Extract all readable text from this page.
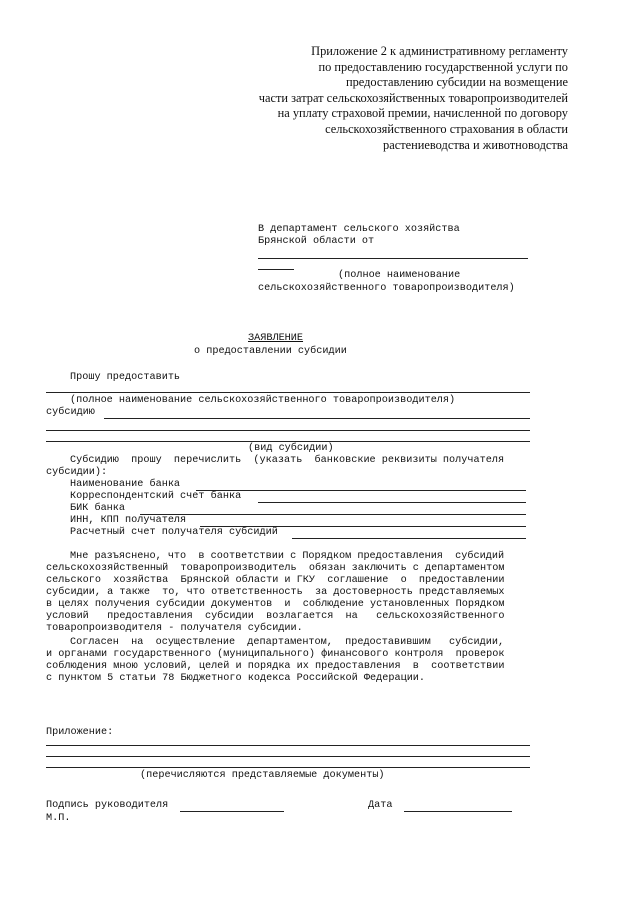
Приложение 2 к административному регламенту
по предоставлению государственной услуги по
предоставлению субсидии на возмещение
части затрат сельскохозяйственных товаропроизводителей
на уплату страховой премии, начисленной по договору
сельскохозяйственного страхования в области
растениеводства и животноводства
В департамент сельского хозяйства
Брянской области от
(полное наименование
сельскохозяйственного товаропроизводителя)
ЗАЯВЛЕНИЕ
о предоставлении субсидии
Прошу предоставить
(полное наименование сельскохозяйственного товаропроизводителя)
субсидию
(вид субсидии)
Субсидию  прошу  перечислить  (указать  банковские реквизиты получателя
субсидии):
Наименование банка
Корреспондентский счет банка
БИК банка
ИНН, КПП получателя
Расчетный счет получателя субсидий
Мне разъяснено, что  в соответствии с Порядком предоставления  субсидий
сельскохозяйственный  товаропроизводитель  обязан заключить с департаментом
сельского  хозяйства  Брянской области и ГКУ  соглашение  о  предоставлении
субсидии, а также  то, что ответственность  за достоверность представляемых
в целях получения субсидии документов  и  соблюдение установленных Порядком
условий   предоставления  субсидии  возлагается  на   сельскохозяйственного
товаропроизводителя - получателя субсидии.
Согласен  на  осуществление  департаментом,  предоставившим   субсидии,
и органами государственного (муниципального) финансового контроля  проверок
соблюдения мною условий, целей и порядка их предоставления  в  соответствии
с пунктом 5 статьи 78 Бюджетного кодекса Российской Федерации.
Приложение:
(перечисляются представляемые документы)
Подпись руководителя	Дата
М.П.
